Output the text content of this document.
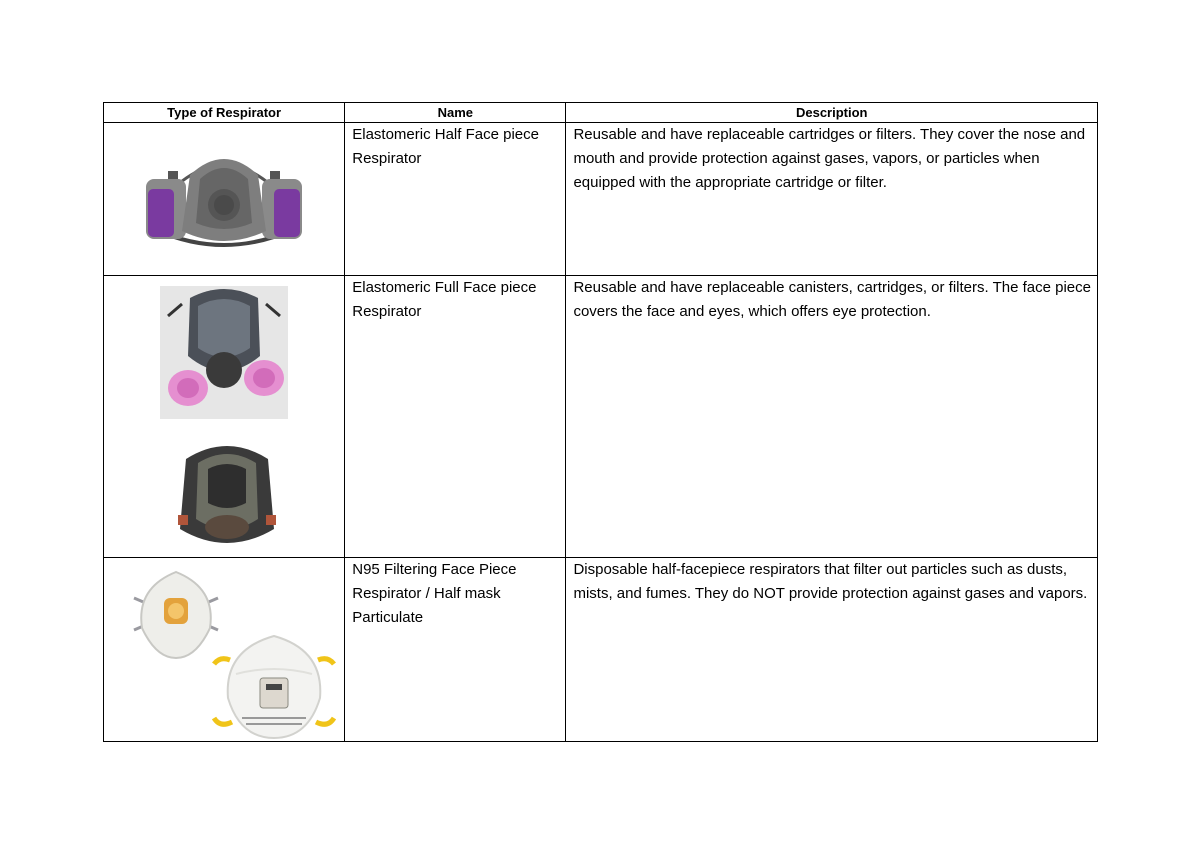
Type of Respirator	Name	Description

	Elastomeric Half Face piece Respirator	Reusable and have replaceable cartridges or filters. They cover the nose and mouth and provide protection against gases, vapors, or particles when equipped with the appropriate cartridge or filter.

	Elastomeric Full Face piece Respirator	Reusable and have replaceable canisters, cartridges, or filters. The face piece covers the face and eyes, which offers eye protection.

	N95 Filtering Face Piece Respirator / Half mask Particulate	Disposable half-facepiece respirators that filter out particles such as dusts, mists, and fumes. They do NOT provide protection against gases and vapors.
